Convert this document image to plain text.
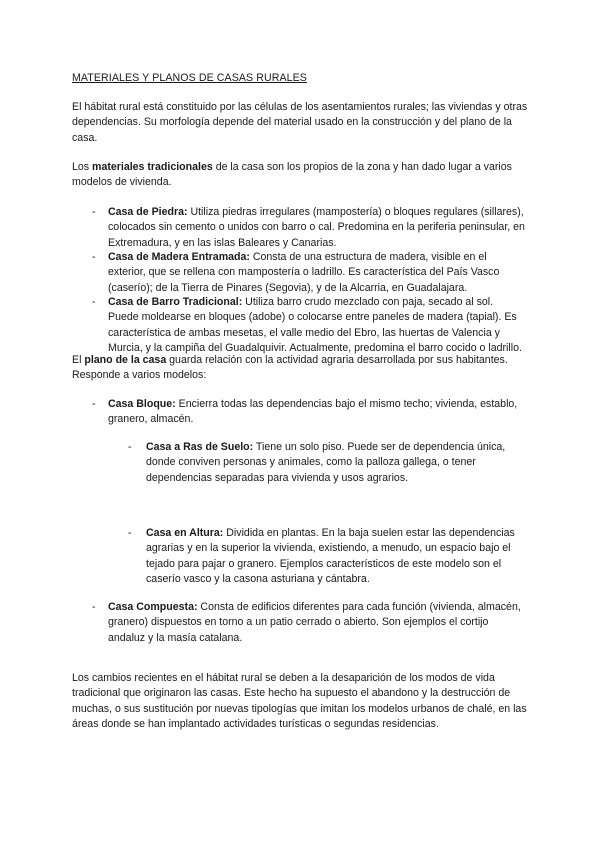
MATERIALES Y PLANOS DE CASAS RURALES

El hábitat rural está constituido por las células de los asentamientos rurales; las viviendas y otras dependencias. Su morfología depende del material usado en la construcción y del plano de la casa.

Los materiales tradicionales de la casa son los propios de la zona y han dado lugar a varios modelos de vivienda.

- Casa de Piedra: Utiliza piedras irregulares (mampostería) o bloques regulares (sillares), colocados sin cemento o unidos con barro o cal. Predomina en la periferia peninsular, en Extremadura, y en las islas Baleares y Canarias.

- Casa de Madera Entramada: Consta de una estructura de madera, visible en el exterior, que se rellena con mampostería o ladrillo. Es característica del País Vasco (caserío); de la Tierra de Pinares (Segovia), y de la Alcarria, en Guadalajara.

- Casa de Barro Tradicional: Utiliza barro crudo mezclado con paja, secado al sol. Puede moldearse en bloques (adobe) o colocarse entre paneles de madera (tapial). Es característica de ambas mesetas, el valle medio del Ebro, las huertas de Valencia y Murcia, y la campiña del Guadalquivir. Actualmente, predomina el barro cocido o ladrillo.

El plano de la casa guarda relación con la actividad agraria desarrollada por sus habitantes. Responde a varios modelos:

- Casa Bloque: Encierra todas las dependencias bajo el mismo techo; vivienda, establo, granero, almacén.

- Casa a Ras de Suelo: Tiene un solo piso. Puede ser de dependencia única, donde conviven personas y animales, como la palloza gallega, o tener dependencias separadas para vivienda y usos agrarios.

- Casa en Altura: Dividida en plantas. En la baja suelen estar las dependencias agrarias y en la superior la vivienda, existiendo, a menudo, un espacio bajo el tejado para pajar o granero. Ejemplos característicos de este modelo son el caserío vasco y la casona asturiana y cántabra.

- Casa Compuesta: Consta de edificios diferentes para cada función (vivienda, almacén, granero) dispuestos en torno a un patio cerrado o abierto. Son ejemplos el cortijo andaluz y la masía catalana.

Los cambios recientes en el hábitat rural se deben a la desaparición de los modos de vida tradicional que originaron las casas. Este hecho ha supuesto el abandono y la destrucción de muchas, o sus sustitución por nuevas tipologías que imitan los modelos urbanos de chalé, en las áreas donde se han implantado actividades turísticas o segundas residencias.
